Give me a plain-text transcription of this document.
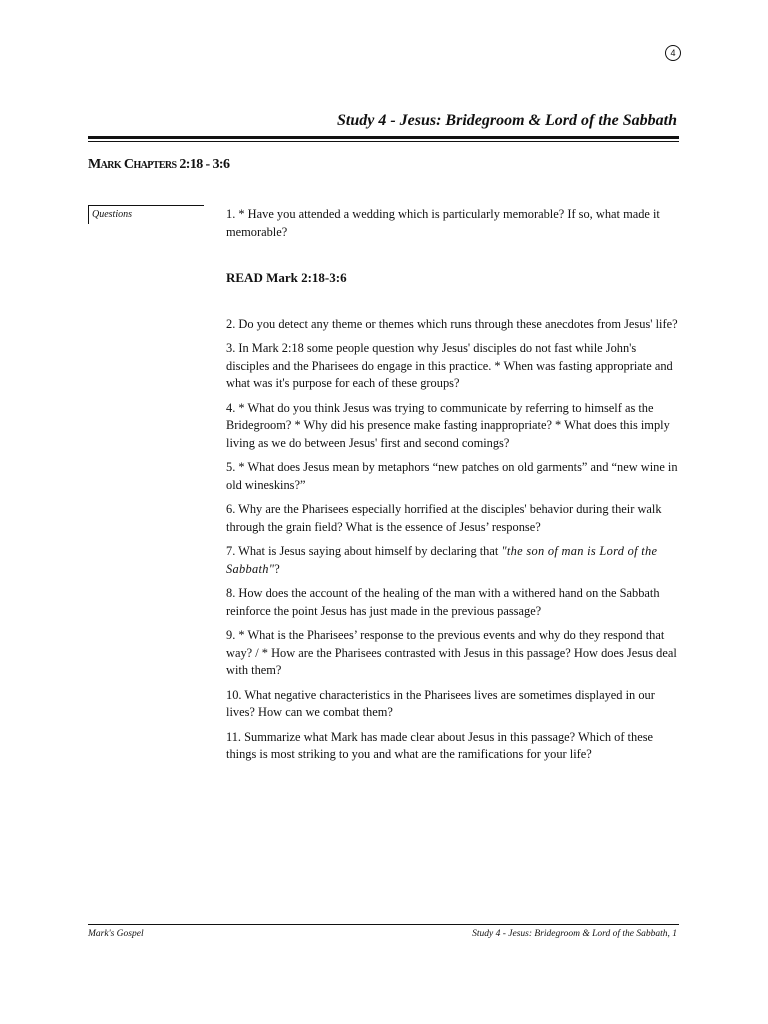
4
Study 4 - Jesus: Bridegroom & Lord of the Sabbath
Mark Chapters 2:18 - 3:6
Questions	1. * Have you attended a wedding which is particularly memorable? If so, what made it memorable?

READ Mark 2:18-3:6

2. Do you detect any theme or themes which runs through these anecdotes from Jesus' life?

3. In Mark 2:18 some people question why Jesus' disciples do not fast while John's disciples and the Pharisees do engage in this practice. * When was fasting appropriate and what was it's purpose for each of these groups?

4. * What do you think Jesus was trying to communicate by referring to himself as the Bridegroom? * Why did his presence make fasting inappropriate? * What does this imply living as we do between Jesus' first and second comings?

5. * What does Jesus mean by metaphors “new patches on old garments” and “new wine in old wineskins?”

6. Why are the Pharisees especially horrified at the disciples' behavior during their walk through the grain field? What is the essence of Jesus’ response?

7. What is Jesus saying about himself by declaring that "the son of man is Lord of the Sabbath"?

8. How does the account of the healing of the man with a withered hand on the Sabbath reinforce the point Jesus has just made in the previous passage?

9. * What is the Pharisees’ response to the previous events and why do they respond that way? / * How are the Pharisees contrasted with Jesus in this passage? How does Jesus deal with them?

10. What negative characteristics in the Pharisees lives are sometimes displayed in our lives? How can we combat them?

11. Summarize what Mark has made clear about Jesus in this passage? Which of these things is most striking to you and what are the ramifications for your life?

Mark's Gospel	Study 4 - Jesus: Bridegroom & Lord of the Sabbath, 1
